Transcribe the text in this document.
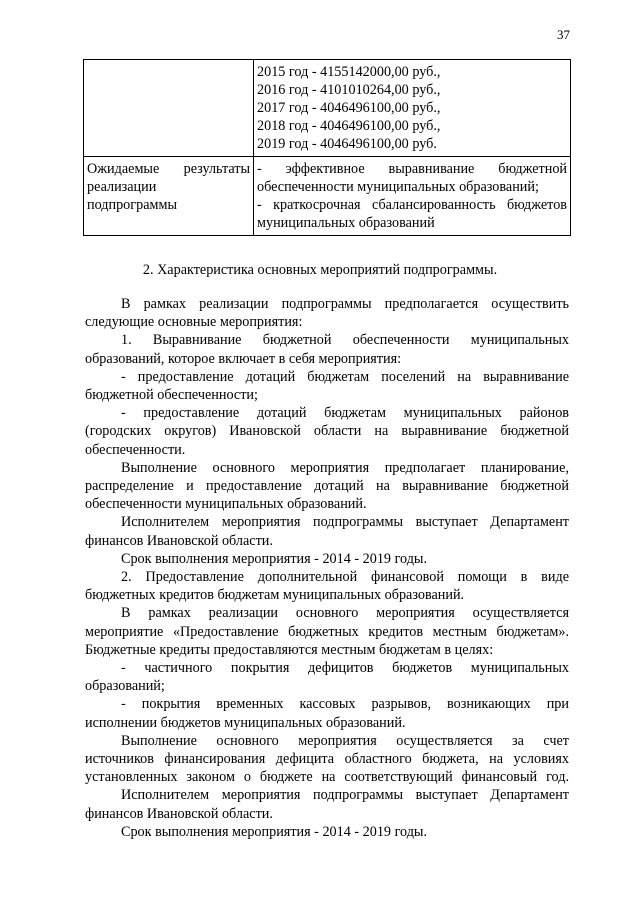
37

	2015 год - 4155142000,00 руб.,
2016 год - 4101010264,00 руб.,
2017 год - 4046496100,00 руб.,
2018 год - 4046496100,00 руб.,
2019 год - 4046496100,00 руб.

Ожидаемые результаты
реализации
подпрограммы	- эффективное выравнивание бюджетной
обеспеченности муниципальных образований;
- краткосрочная сбалансированность бюджетов
муниципальных образований
2. Характеристика основных мероприятий подпрограммы.
В рамках реализации подпрограммы предполагается осуществить
следующие основные мероприятия:
1. Выравнивание бюджетной обеспеченности муниципальных
образований, которое включает в себя мероприятия:
- предоставление дотаций бюджетам поселений на выравнивание
бюджетной обеспеченности;
- предоставление дотаций бюджетам муниципальных районов
(городских округов) Ивановской области на выравнивание бюджетной
обеспеченности.
Выполнение основного мероприятия предполагает планирование,
распределение и предоставление дотаций на выравнивание бюджетной
обеспеченности муниципальных образований.
Исполнителем мероприятия подпрограммы выступает Департамент
финансов Ивановской области.
Срок выполнения мероприятия - 2014 - 2019 годы.
2. Предоставление дополнительной финансовой помощи в виде
бюджетных кредитов бюджетам муниципальных образований.
В рамках реализации основного мероприятия осуществляется
мероприятие «Предоставление бюджетных кредитов местным бюджетам».
Бюджетные кредиты предоставляются местным бюджетам в целях:
- частичного покрытия дефицитов бюджетов муниципальных
образований;
- покрытия временных кассовых разрывов, возникающих при
исполнении бюджетов муниципальных образований.
Выполнение основного мероприятия осуществляется за счет
источников финансирования дефицита областного бюджета, на условиях
установленных законом о бюджете на соответствующий финансовый год.
Исполнителем мероприятия подпрограммы выступает Департамент
финансов Ивановской области.
Срок выполнения мероприятия - 2014 - 2019 годы.
